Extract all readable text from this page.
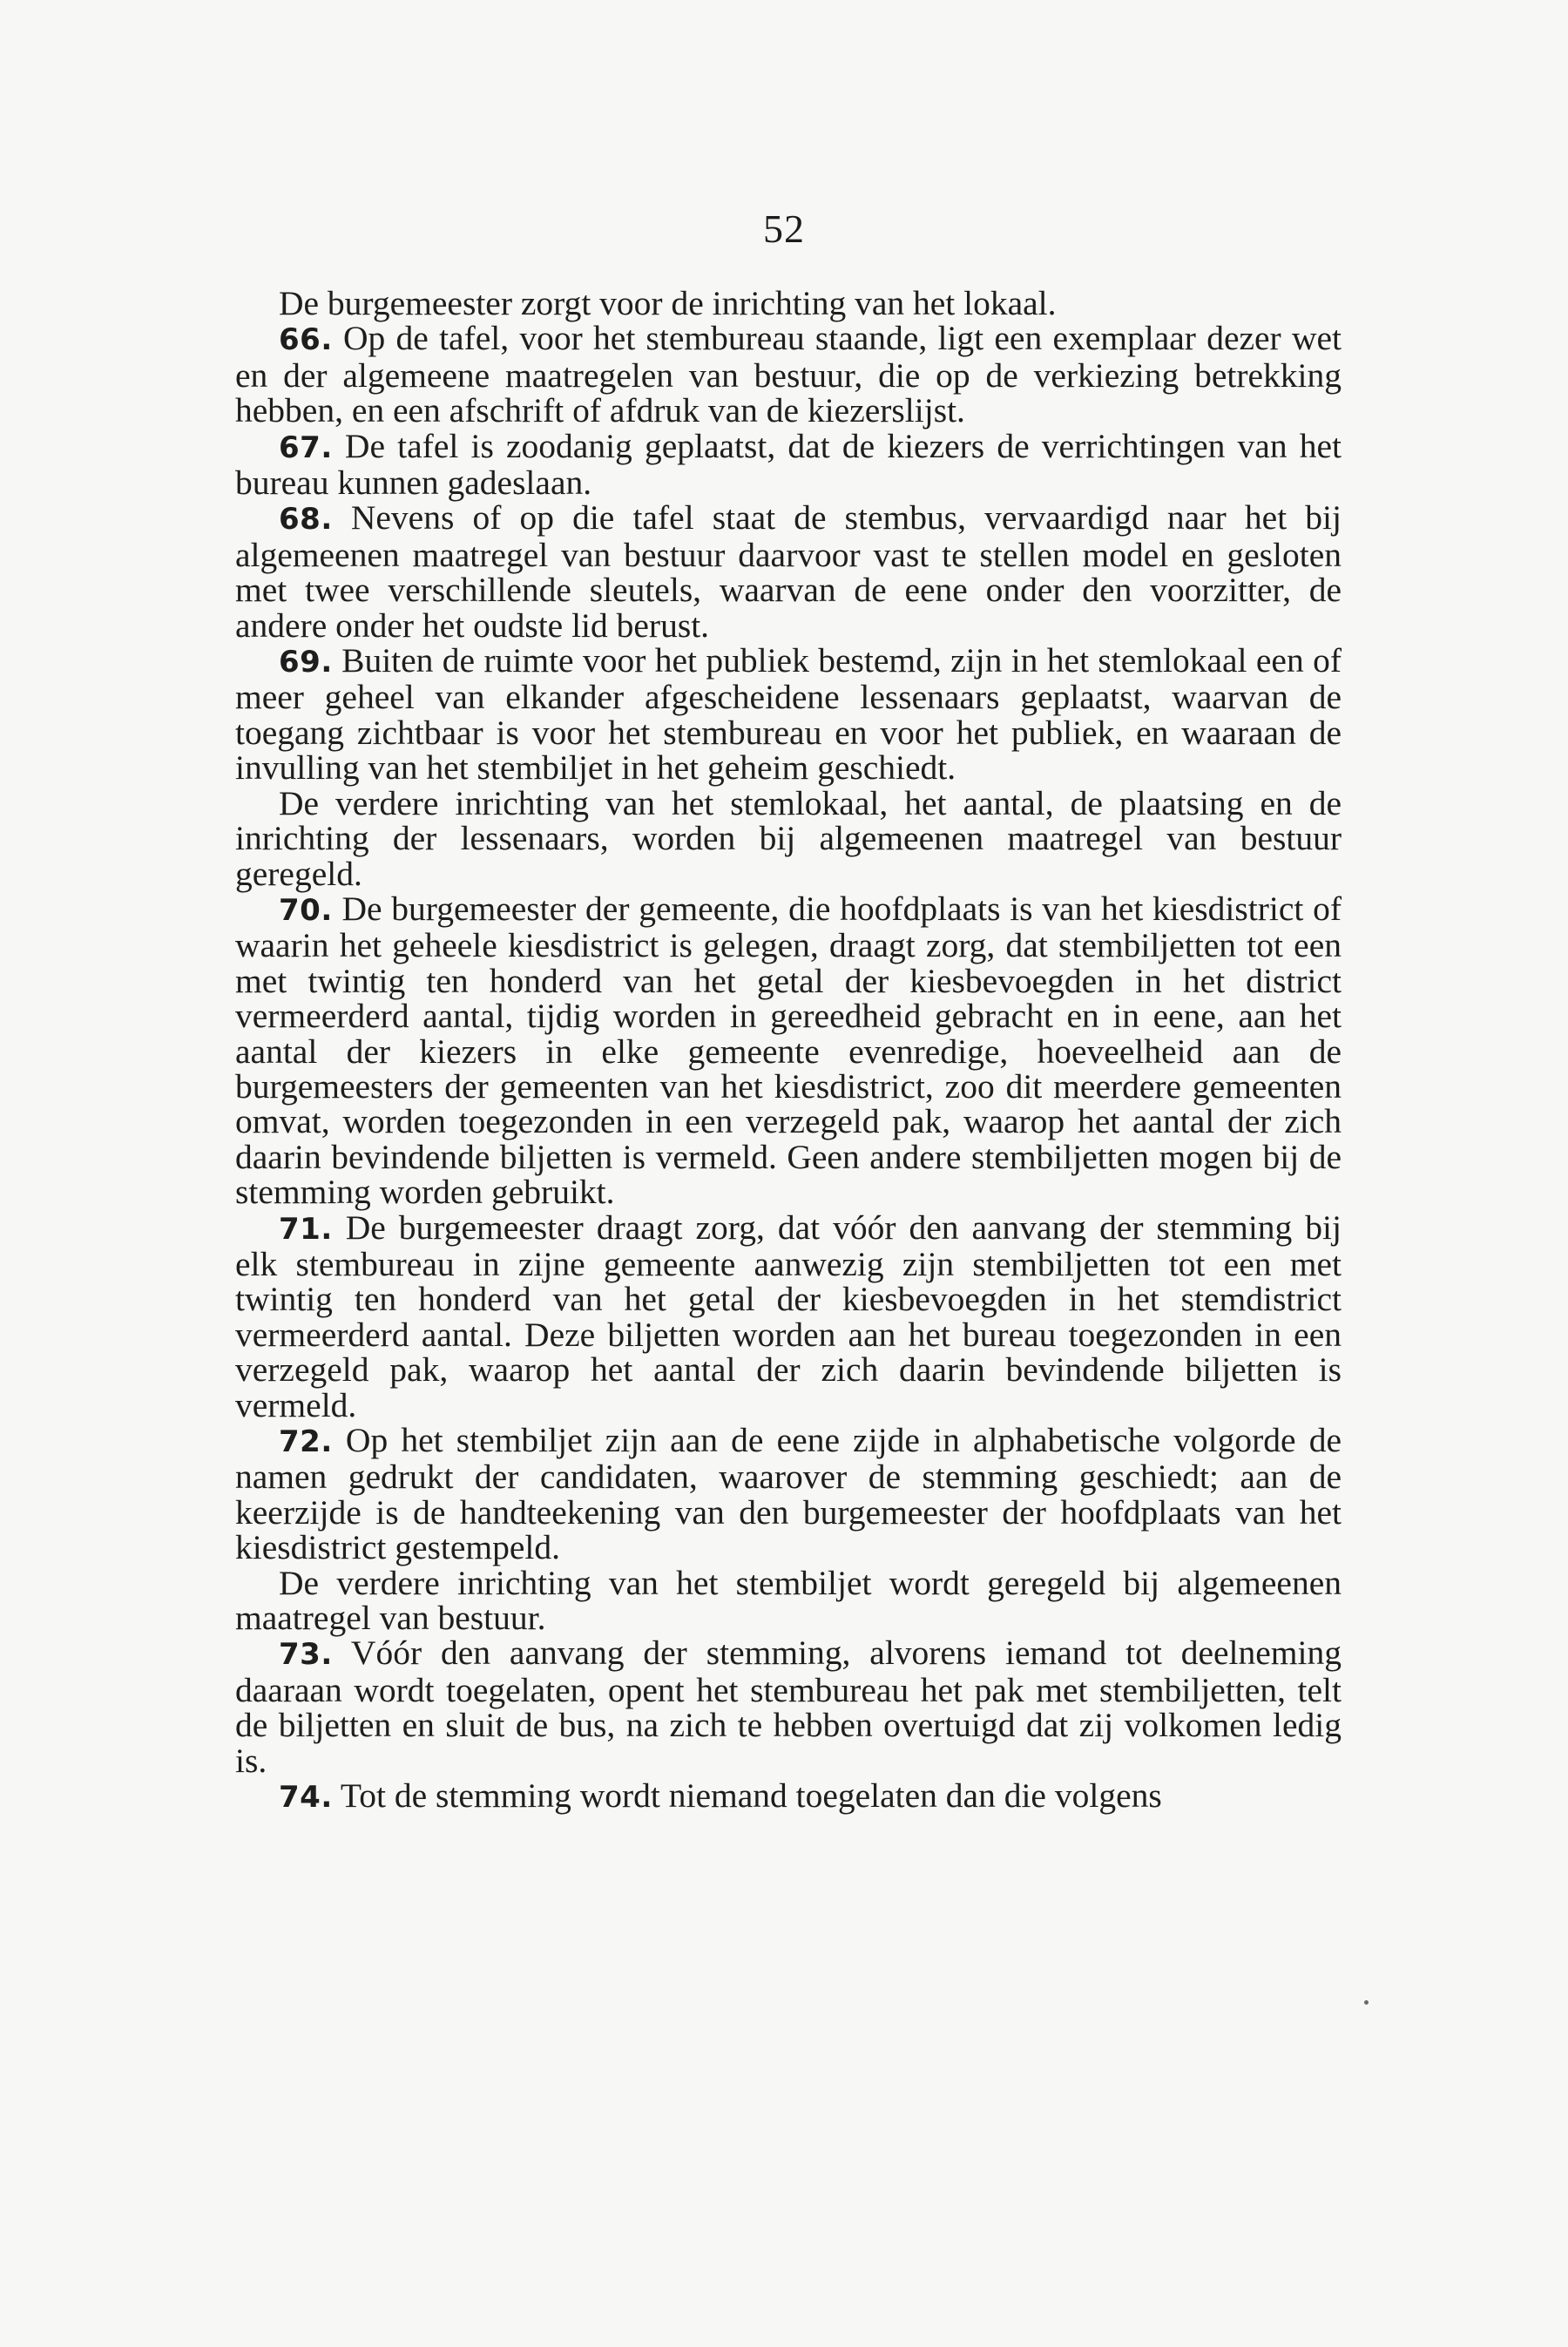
52

De burgemeester zorgt voor de inrichting van het lokaal.

66. Op de tafel, voor het stembureau staande, ligt een exemplaar dezer wet en der algemeene maatregelen van bestuur, die op de verkiezing betrekking hebben, en een afschrift of afdruk van de kiezerslijst.

67. De tafel is zoodanig geplaatst, dat de kiezers de verrichtingen van het bureau kunnen gadeslaan.

68. Nevens of op die tafel staat de stembus, vervaardigd naar het bij algemeenen maatregel van bestuur daarvoor vast te stellen model en gesloten met twee verschillende sleutels, waarvan de eene onder den voorzitter, de andere onder het oudste lid berust.

69. Buiten de ruimte voor het publiek bestemd, zijn in het stemlokaal een of meer geheel van elkander afgescheidene lessenaars geplaatst, waarvan de toegang zichtbaar is voor het stembureau en voor het publiek, en waaraan de invulling van het stembiljet in het geheim geschiedt.

De verdere inrichting van het stemlokaal, het aantal, de plaatsing en de inrichting der lessenaars, worden bij algemeenen maatregel van bestuur geregeld.

70. De burgemeester der gemeente, die hoofdplaats is van het kiesdistrict of waarin het geheele kiesdistrict is gelegen, draagt zorg, dat stembiljetten tot een met twintig ten honderd van het getal der kiesbevoegden in het district vermeerderd aantal, tijdig worden in gereedheid gebracht en in eene, aan het aantal der kiezers in elke gemeente evenredige, hoeveelheid aan de burgemeesters der gemeenten van het kiesdistrict, zoo dit meerdere gemeenten omvat, worden toegezonden in een verzegeld pak, waarop het aantal der zich daarin bevindende biljetten is vermeld. Geen andere stembiljetten mogen bij de stemming worden gebruikt.

71. De burgemeester draagt zorg, dat vóór den aanvang der stemming bij elk stembureau in zijne gemeente aanwezig zijn stembiljetten tot een met twintig ten honderd van het getal der kiesbevoegden in het stemdistrict vermeerderd aantal. Deze biljetten worden aan het bureau toegezonden in een verzegeld pak, waarop het aantal der zich daarin bevindende biljetten is vermeld.

72. Op het stembiljet zijn aan de eene zijde in alphabetische volgorde de namen gedrukt der candidaten, waarover de stemming geschiedt; aan de keerzijde is de handteekening van den burgemeester der hoofdplaats van het kiesdistrict gestempeld.

De verdere inrichting van het stembiljet wordt geregeld bij algemeenen maatregel van bestuur.

73. Vóór den aanvang der stemming, alvorens iemand tot deelneming daaraan wordt toegelaten, opent het stembureau het pak met stembiljetten, telt de biljetten en sluit de bus, na zich te hebben overtuigd dat zij volkomen ledig is.

74. Tot de stemming wordt niemand toegelaten dan die volgens
